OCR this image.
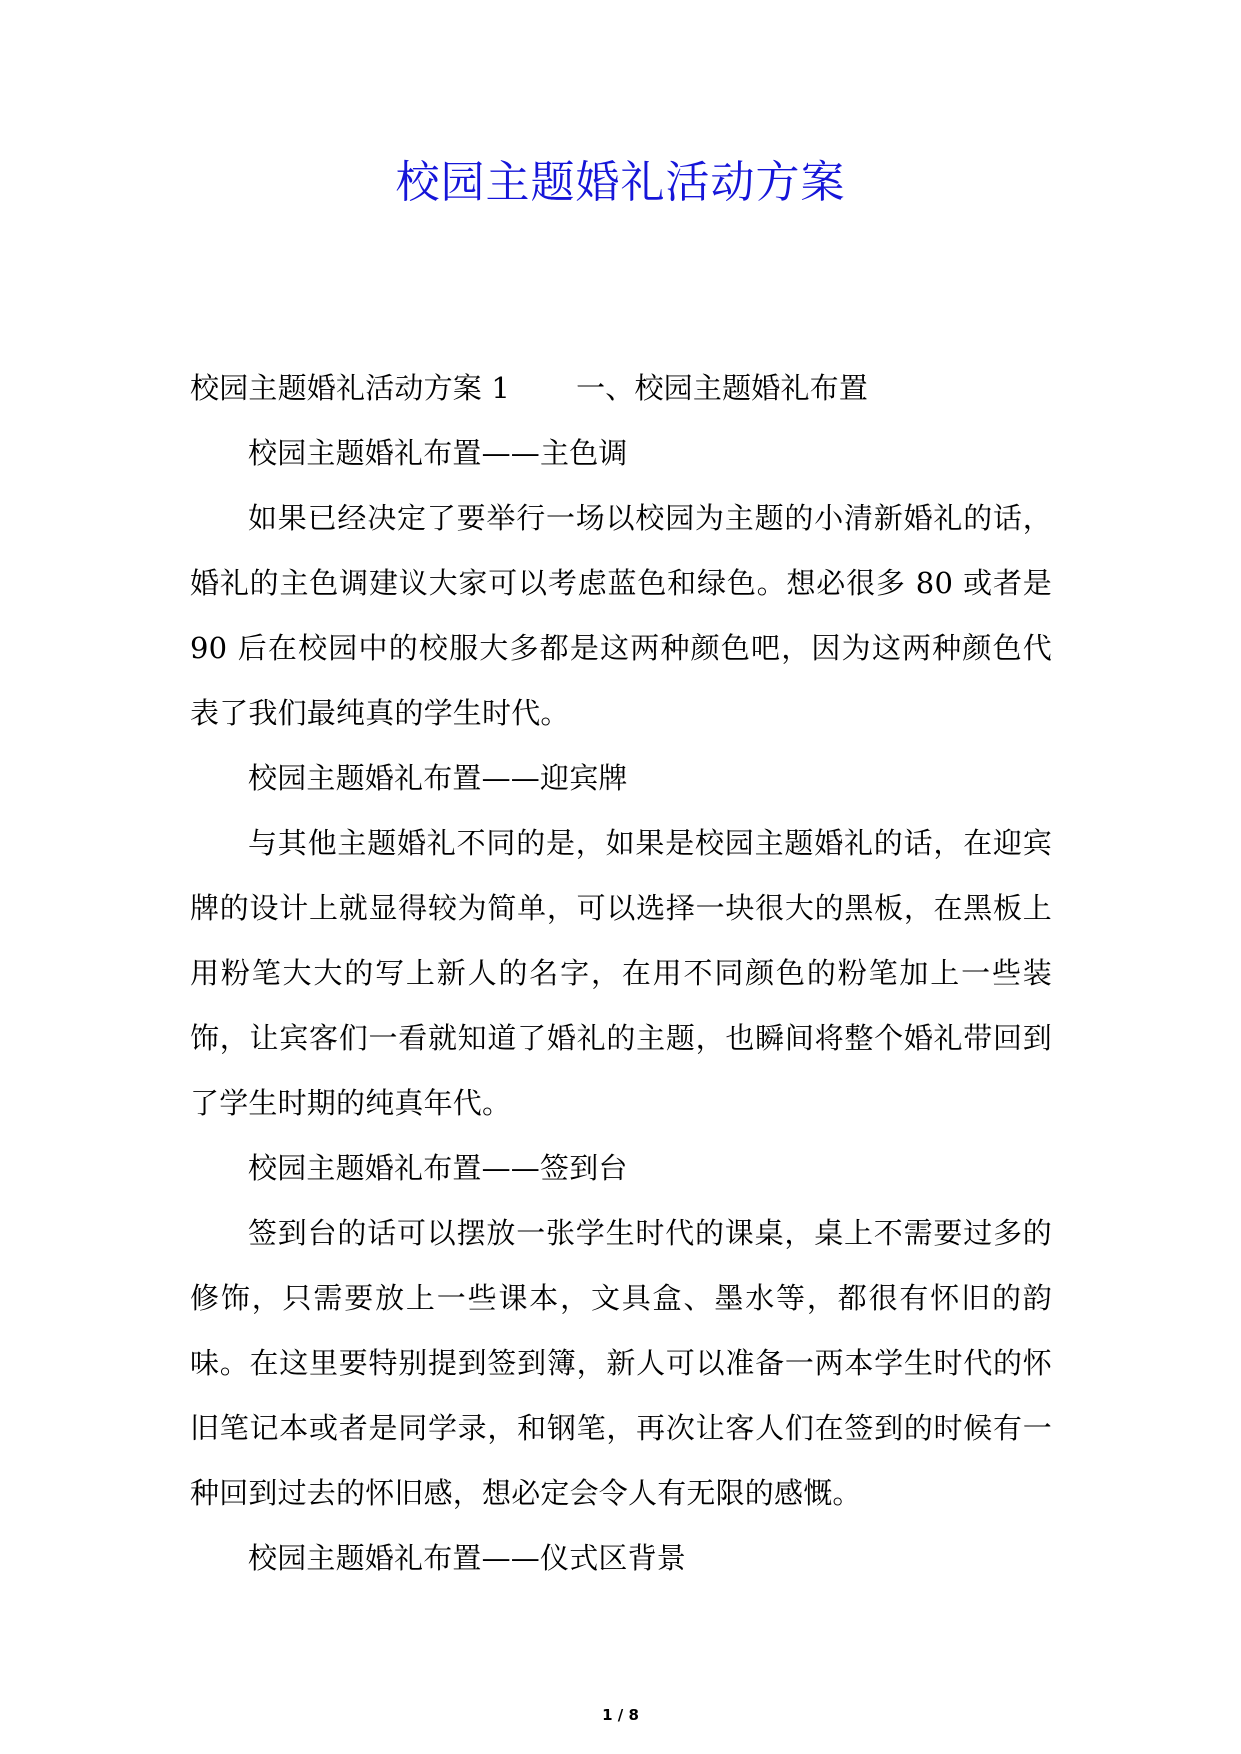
校园主题婚礼活动方案
校园主题婚礼活动方案 1 一、校园主题婚礼布置
校园主题婚礼布置——主色调

如果已经决定了要举行一场以校园为主题的小清新婚礼的话，婚礼的主色调建议大家可以考虑蓝色和绿色。想必很多 80 或者是 90 后在校园中的校服大多都是这两种颜色吧，因为这两种颜色代表了我们最纯真的学生时代。

校园主题婚礼布置——迎宾牌

与其他主题婚礼不同的是，如果是校园主题婚礼的话，在迎宾牌的设计上就显得较为简单，可以选择一块很大的黑板，在黑板上用粉笔大大的写上新人的名字，在用不同颜色的粉笔加上一些装饰，让宾客们一看就知道了婚礼的主题，也瞬间将整个婚礼带回到了学生时期的纯真年代。

校园主题婚礼布置——签到台

签到台的话可以摆放一张学生时代的课桌，桌上不需要过多的修饰，只需要放上一些课本，文具盒、墨水等，都很有怀旧的韵味。在这里要特别提到签到簿，新人可以准备一两本学生时代的怀旧笔记本或者是同学录，和钢笔，再次让客人们在签到的时候有一种回到过去的怀旧感，想必定会令人有无限的感慨。

校园主题婚礼布置——仪式区背景
1 / 8
